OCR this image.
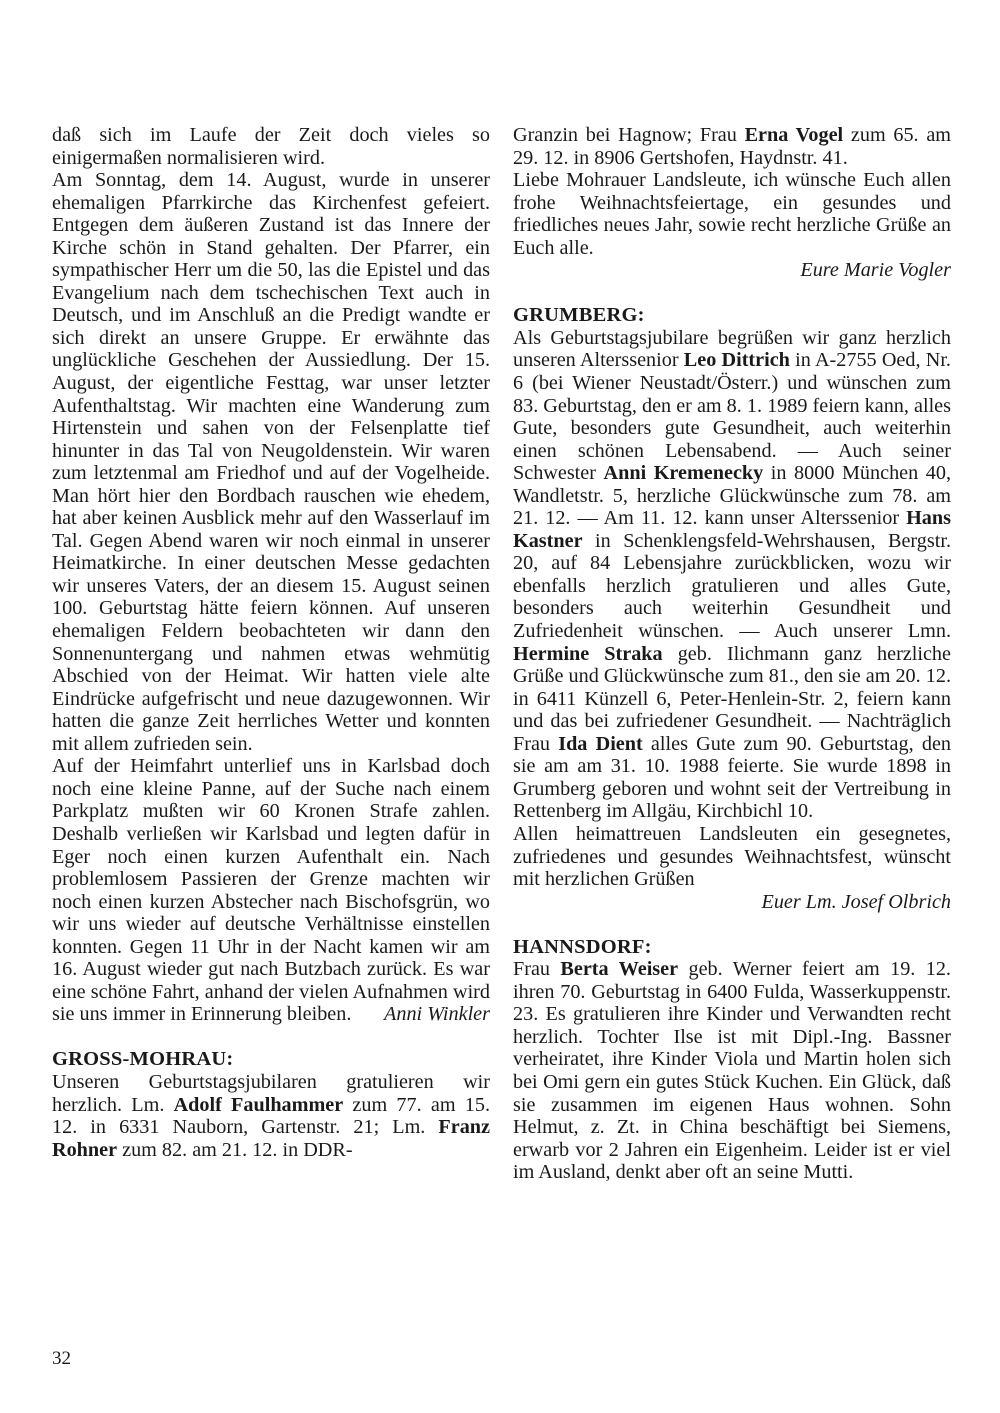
daß sich im Laufe der Zeit doch vieles so einigermaßen normalisieren wird.

Am Sonntag, dem 14. August, wurde in unserer ehemaligen Pfarrkirche das Kirchenfest gefeiert. Entgegen dem äußeren Zustand ist das Innere der Kirche schön in Stand gehalten. Der Pfarrer, ein sympathischer Herr um die 50, las die Epistel und das Evangelium nach dem tschechischen Text auch in Deutsch, und im Anschluß an die Predigt wandte er sich direkt an unsere Gruppe. Er erwähnte das unglückliche Geschehen der Aussiedlung. Der 15. August, der eigentliche Festtag, war unser letzter Aufenthaltstag. Wir machten eine Wanderung zum Hirtenstein und sahen von der Felsenplatte tief hinunter in das Tal von Neugoldenstein. Wir waren zum letztenmal am Friedhof und auf der Vogelheide. Man hört hier den Bordbach rauschen wie ehedem, hat aber keinen Ausblick mehr auf den Wasserlauf im Tal. Gegen Abend waren wir noch einmal in unserer Heimatkirche. In einer deutschen Messe gedachten wir unseres Vaters, der an diesem 15. August seinen 100. Geburtstag hätte feiern können. Auf unseren ehemaligen Feldern beobachteten wir dann den Sonnenuntergang und nahmen etwas wehmütig Abschied von der Heimat. Wir hatten viele alte Eindrücke aufgefrischt und neue dazugewonnen. Wir hatten die ganze Zeit herrliches Wetter und konnten mit allem zufrieden sein.

Auf der Heimfahrt unterlief uns in Karlsbad doch noch eine kleine Panne, auf der Suche nach einem Parkplatz mußten wir 60 Kronen Strafe zahlen. Deshalb verließen wir Karlsbad und legten dafür in Eger noch einen kurzen Aufenthalt ein. Nach problemlosem Passieren der Grenze machten wir noch einen kurzen Abstecher nach Bischofsgrün, wo wir uns wieder auf deutsche Verhältnisse einstellen konnten. Gegen 11 Uhr in der Nacht kamen wir am 16. August wieder gut nach Butzbach zurück. Es war eine schöne Fahrt, anhand der vielen Aufnahmen wird sie uns immer in Erinnerung bleiben.	Anni Winkler

GROSS-MOHRAU:

Unseren Geburtstagsjubilaren gratulieren wir herzlich. Lm. Adolf Faulhammer zum 77. am 15. 12. in 6331 Nauborn, Gartenstr. 21; Lm. Franz Rohner zum 82. am 21. 12. in DDR-

Granzin bei Hagnow; Frau Erna Vogel zum 65. am 29. 12. in 8906 Gertshofen, Haydnstr. 41.

Liebe Mohrauer Landsleute, ich wünsche Euch allen frohe Weihnachtsfeiertage, ein gesundes und friedliches neues Jahr, sowie recht herzliche Grüße an Euch alle.

Eure Marie Vogler

GRUMBERG:

Als Geburtstagsjubilare begrüßen wir ganz herzlich unseren Alterssenior Leo Dittrich in A-2755 Oed, Nr. 6 (bei Wiener Neustadt/Österr.) und wünschen zum 83. Geburtstag, den er am 8. 1. 1989 feiern kann, alles Gute, besonders gute Gesundheit, auch weiterhin einen schönen Lebensabend. — Auch seiner Schwester Anni Kremenecky in 8000 München 40, Wandletstr. 5, herzliche Glückwünsche zum 78. am 21. 12. — Am 11. 12. kann unser Alterssenior Hans Kastner in Schenklengsfeld-Wehrshausen, Bergstr. 20, auf 84 Lebensjahre zurückblicken, wozu wir ebenfalls herzlich gratulieren und alles Gute, besonders auch weiterhin Gesundheit und Zufriedenheit wünschen. — Auch unserer Lmn. Hermine Straka geb. Ilichmann ganz herzliche Grüße und Glückwünsche zum 81., den sie am 20. 12. in 6411 Künzell 6, Peter-Henlein-Str. 2, feiern kann und das bei zufriedener Gesundheit. — Nachträglich Frau Ida Dient alles Gute zum 90. Geburtstag, den sie am am 31. 10. 1988 feierte. Sie wurde 1898 in Grumberg geboren und wohnt seit der Vertreibung in Rettenberg im Allgäu, Kirchbichl 10.

Allen heimattreuen Landsleuten ein gesegnetes, zufriedenes und gesundes Weihnachtsfest, wünscht mit herzlichen Grüßen

Euer Lm. Josef Olbrich

HANNSDORF:

Frau Berta Weiser geb. Werner feiert am 19. 12. ihren 70. Geburtstag in 6400 Fulda, Wasserkuppenstr. 23. Es gratulieren ihre Kinder und Verwandten recht herzlich. Tochter Ilse ist mit Dipl.-Ing. Bassner verheiratet, ihre Kinder Viola und Martin holen sich bei Omi gern ein gutes Stück Kuchen. Ein Glück, daß sie zusammen im eigenen Haus wohnen. Sohn Helmut, z. Zt. in China beschäftigt bei Siemens, erwarb vor 2 Jahren ein Eigenheim. Leider ist er viel im Ausland, denkt aber oft an seine Mutti.

32
